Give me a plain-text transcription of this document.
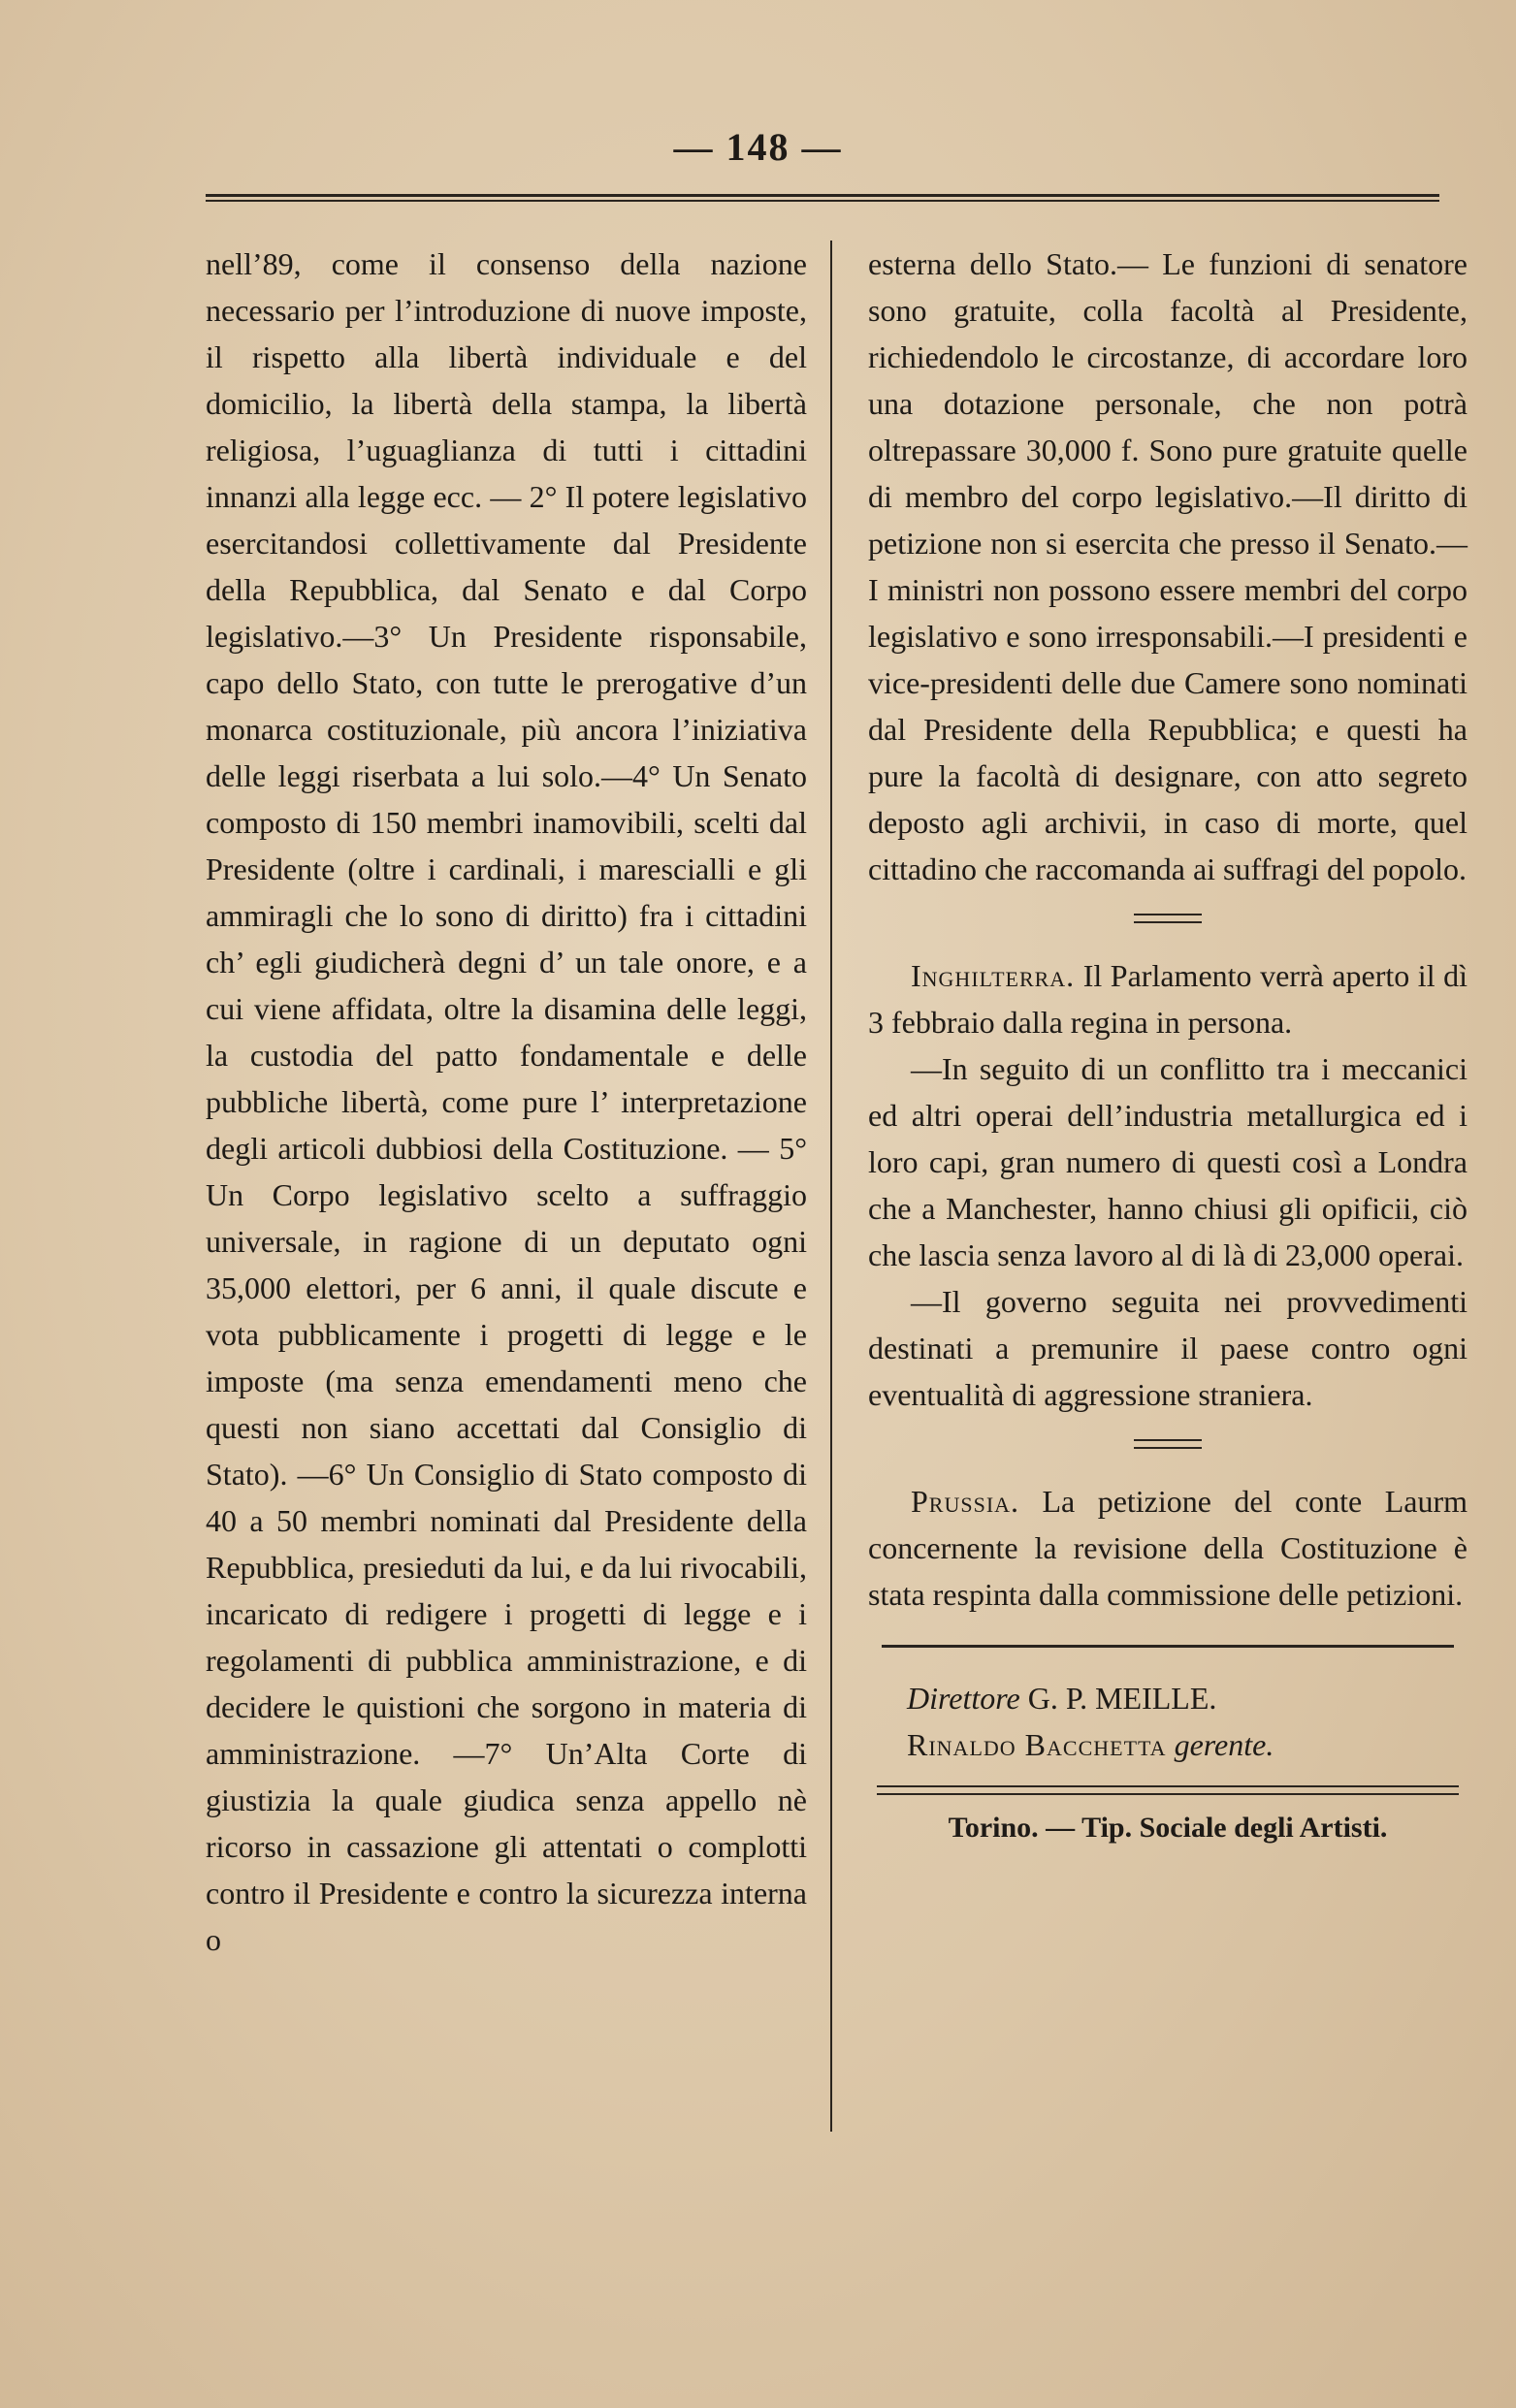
— 148 —

nell’89, come il consenso della nazione necessario per l’introduzione di nuove imposte, il rispetto alla libertà individuale e del domicilio, la libertà della stampa, la libertà religiosa, l’uguaglianza di tutti i cittadini innanzi alla legge ecc. — 2° Il potere legislativo esercitandosi collettivamente dal Presidente della Repubblica, dal Senato e dal Corpo legislativo.—3° Un Presidente risponsabile, capo dello Stato, con tutte le prerogative d’un monarca costituzionale, più ancora l’iniziativa delle leggi riserbata a lui solo.—4° Un Senato composto di 150 membri inamovibili, scelti dal Presidente (oltre i cardinali, i marescialli e gli ammiragli che lo sono di diritto) fra i cittadini ch’ egli giudicherà degni d’ un tale onore, e a cui viene affidata, oltre la disamina delle leggi, la custodia del patto fondamentale e delle pubbliche libertà, come pure l’ interpretazione degli articoli dubbiosi della Costituzione. — 5° Un Corpo legislativo scelto a suffraggio universale, in ragione di un deputato ogni 35,000 elettori, per 6 anni, il quale discute e vota pubblicamente i progetti di legge e le imposte (ma senza emendamenti meno che questi non siano accettati dal Consiglio di Stato). —6° Un Consiglio di Stato composto di 40 a 50 membri nominati dal Presidente della Repubblica, presieduti da lui, e da lui rivocabili, incaricato di redigere i progetti di legge e i regolamenti di pubblica amministrazione, e di decidere le quistioni che sorgono in materia di amministrazione. —7° Un’Alta Corte di giustizia la quale giudica senza appello nè ricorso in cassazione gli attentati o complotti contro il Presidente e contro la sicurezza interna o

esterna dello Stato.— Le funzioni di senatore sono gratuite, colla facoltà al Presidente, richiedendolo le circostanze, di accordare loro una dotazione personale, che non potrà oltrepassare 30,000 f. Sono pure gratuite quelle di membro del corpo legislativo.—Il diritto di petizione non si esercita che presso il Senato.—I ministri non possono essere membri del corpo legislativo e sono irresponsabili.—I presidenti e vice-presidenti delle due Camere sono nominati dal Presidente della Repubblica; e questi ha pure la facoltà di designare, con atto segreto deposto agli archivii, in caso di morte, quel cittadino che raccomanda ai suffragi del popolo.

Inghilterra. Il Parlamento verrà aperto il dì 3 febbraio dalla regina in persona.

—In seguito di un conflitto tra i meccanici ed altri operai dell’industria metallurgica ed i loro capi, gran numero di questi così a Londra che a Manchester, hanno chiusi gli opificii, ciò che lascia senza lavoro al di là di 23,000 operai.

—Il governo seguita nei provvedimenti destinati a premunire il paese contro ogni eventualità di aggressione straniera.

Prussia. La petizione del conte Laurm concernente la revisione della Costituzione è stata respinta dalla commissione delle petizioni.

Direttore G. P. MEILLE.
Rinaldo Bacchetta gerente.
Torino. — Tip. Sociale degli Artisti.
